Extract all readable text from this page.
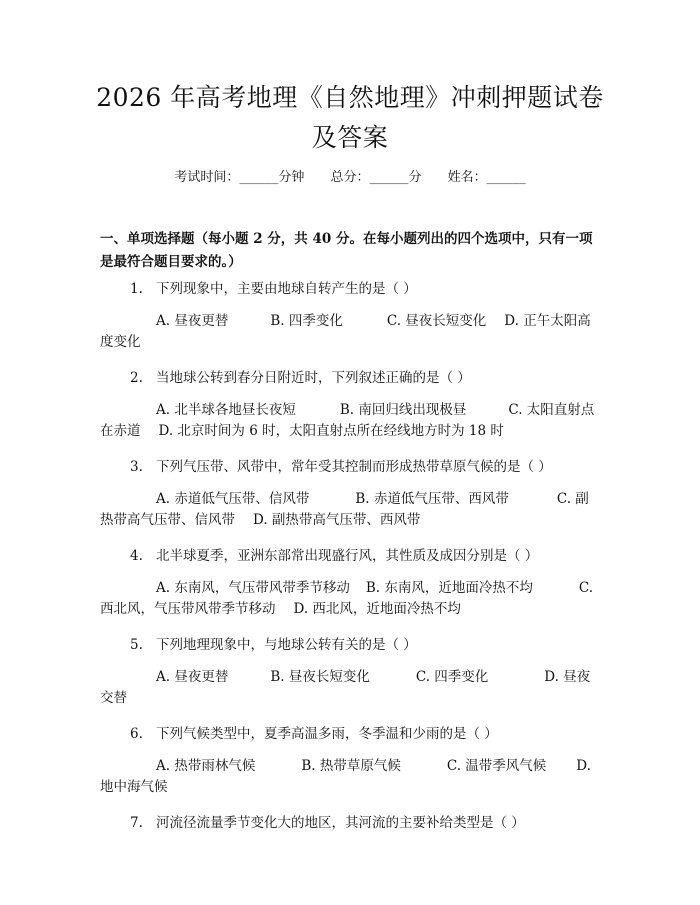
2026 年高考地理《自然地理》冲刺押题试卷
及答案
考试时间：______分钟 总分：______分 姓名：______
一、单项选择题（每小题 2 分，共 40 分。在每小题列出的四个选项中，只有一项是最符合题目要求的。）

1. 下列现象中，主要由地球自转产生的是（ ）

A. 昼夜更替	B. 四季变化	C. 昼夜长短变化 D. 正午太阳高度变化

2. 当地球公转到春分日附近时，下列叙述正确的是（ ）

A. 北半球各地昼长夜短	B. 南回归线出现极昼	C. 太阳直射点在赤道 D. 北京时间为 6 时，太阳直射点所在经线地方时为 18 时

3. 下列气压带、风带中，常年受其控制而形成热带草原气候的是（ ）

A. 赤道低气压带、信风带	B. 赤道低气压带、西风带	C. 副热带高气压带、信风带 D. 副热带高气压带、西风带

4. 北半球夏季，亚洲东部常出现盛行风，其性质及成因分别是（ ）

A. 东南风，气压带风带季节移动 B. 东南风，近地面冷热不均	C. 西北风，气压带风带季节移动 D. 西北风，近地面冷热不均

5. 下列地理现象中，与地球公转有关的是（ ）

A. 昼夜更替	B. 昼夜长短变化	C. 四季变化	D. 昼夜交替

6. 下列气候类型中，夏季高温多雨，冬季温和少雨的是（ ）

A. 热带雨林气候	B. 热带草原气候	C. 温带季风气候 D. 地中海气候

7. 河流径流量季节变化大的地区，其河流的主要补给类型是（ ）
